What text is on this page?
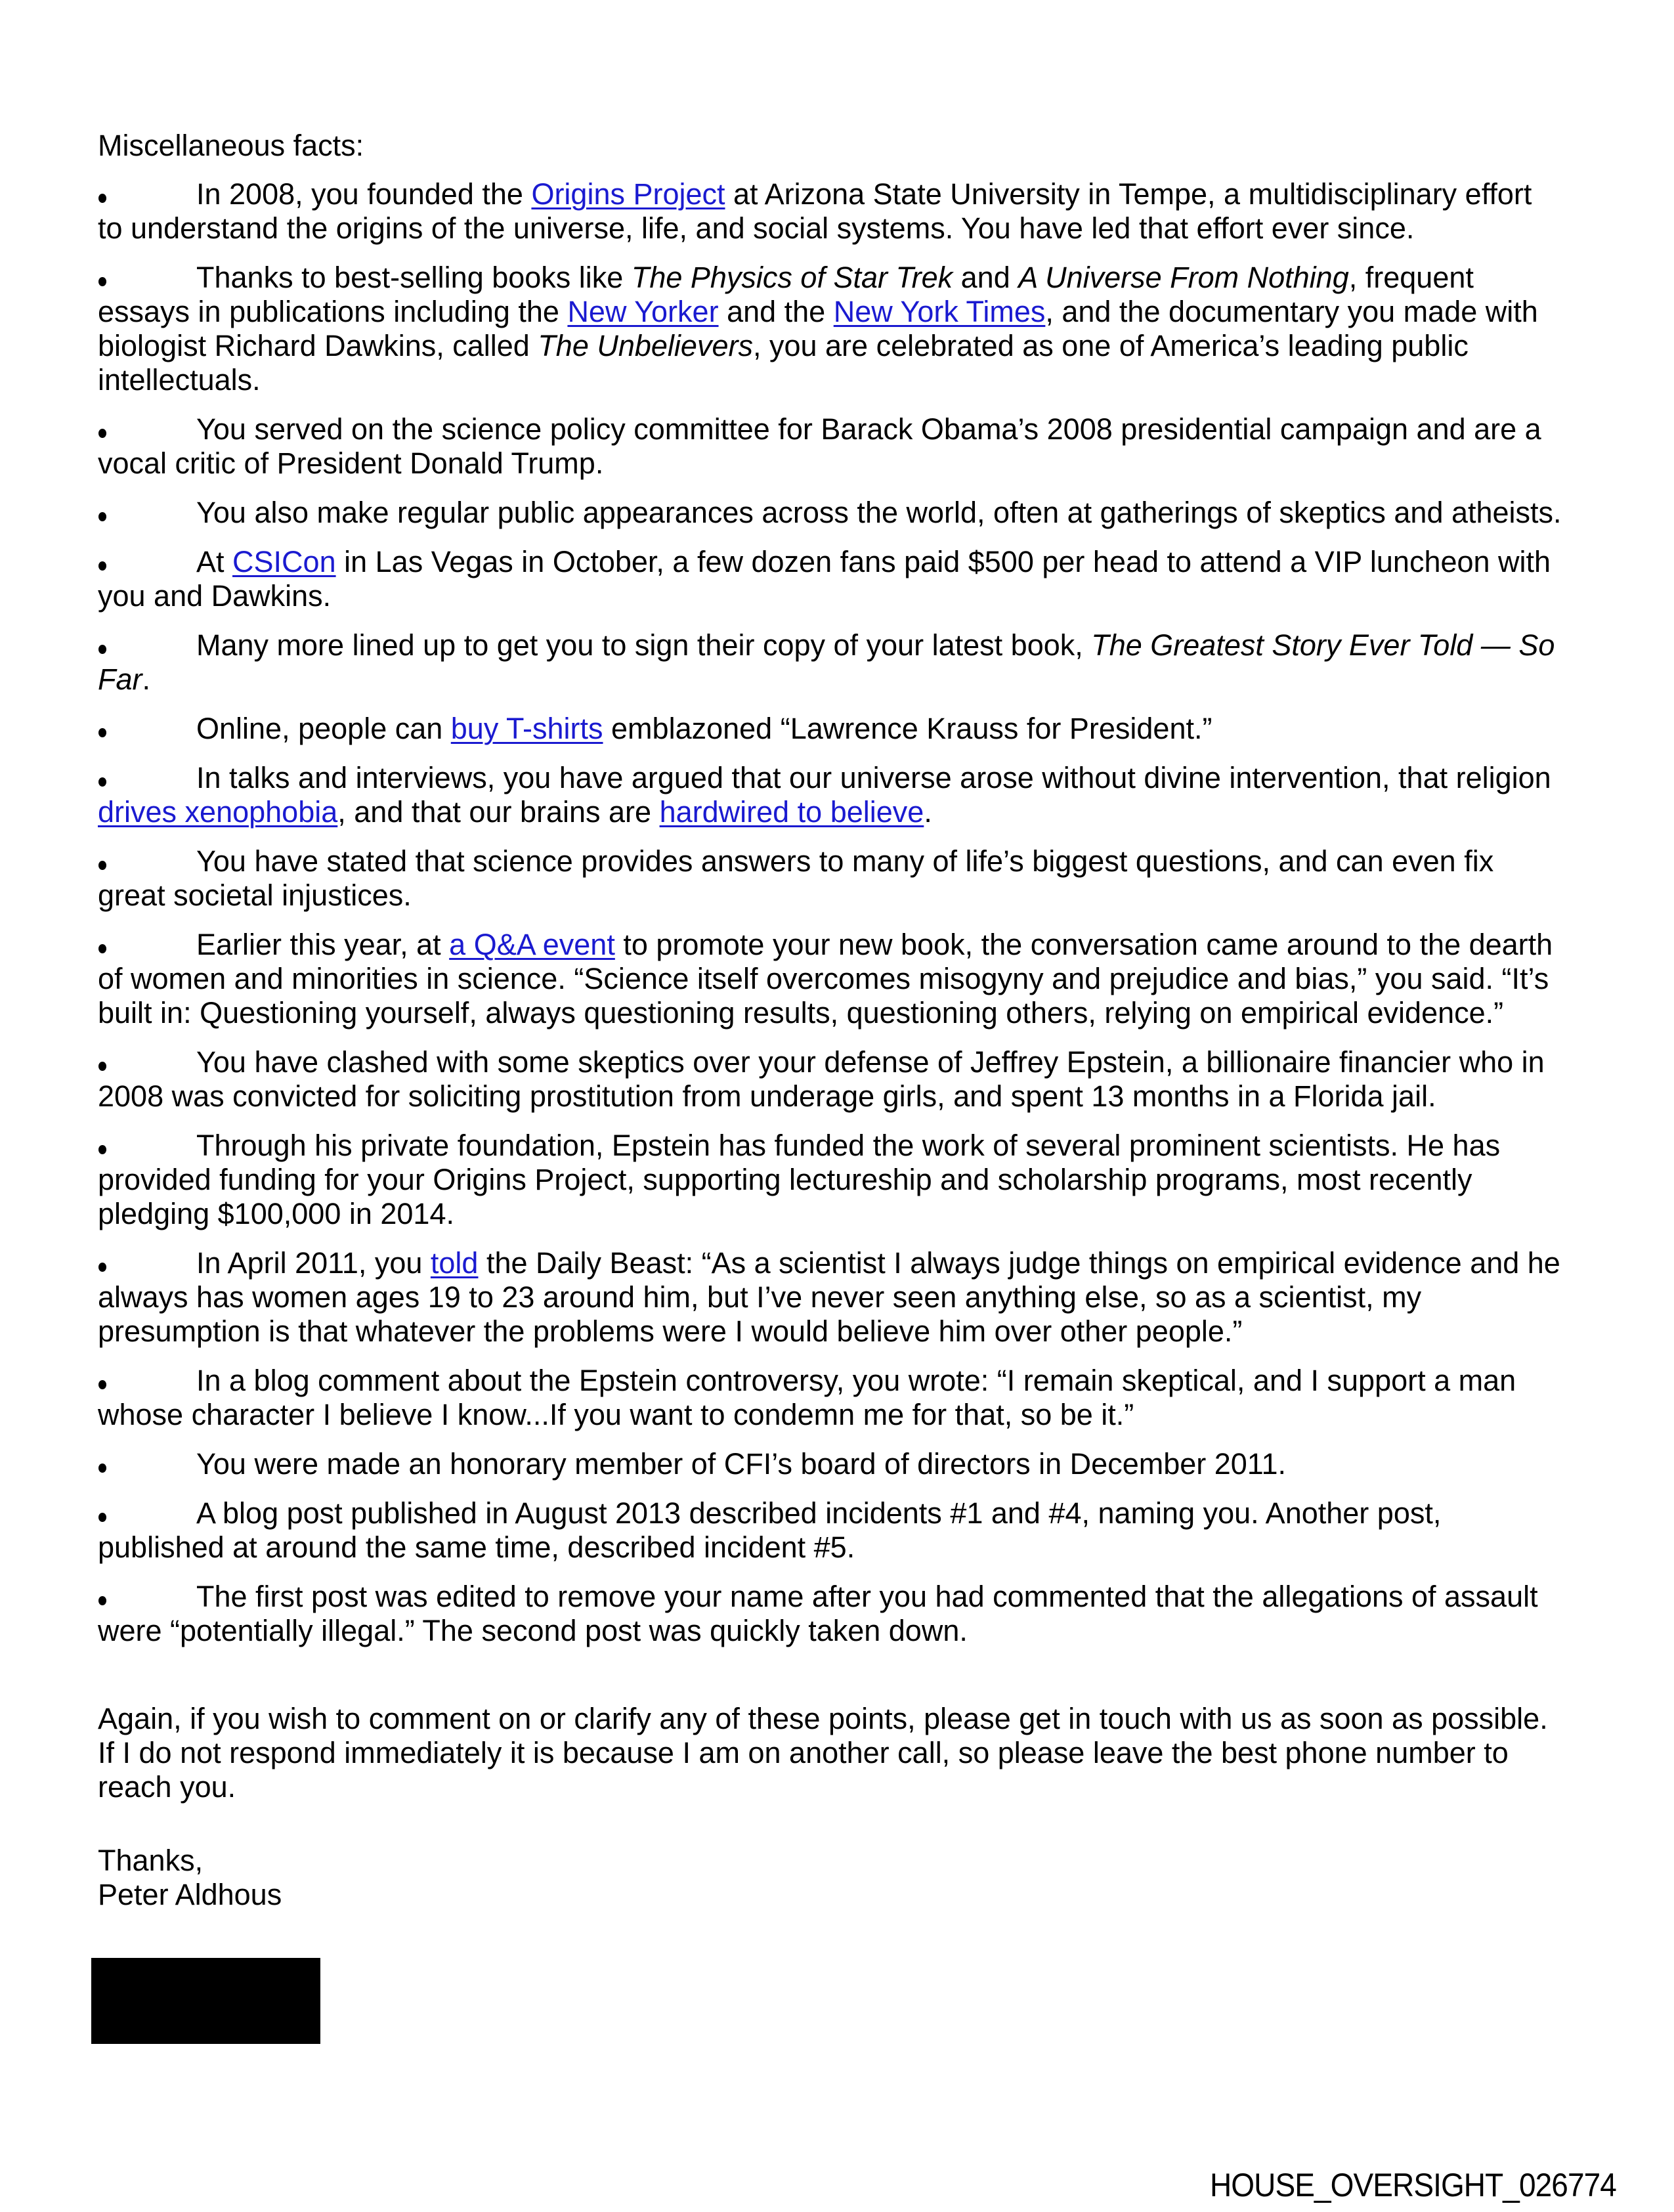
Miscellaneous facts:

In 2008, you founded the Origins Project at Arizona State University in Tempe, a multidisciplinary effort to understand the origins of the universe, life, and social systems. You have led that effort ever since.

Thanks to best-selling books like The Physics of Star Trek and A Universe From Nothing, frequent essays in publications including the New Yorker and the New York Times, and the documentary you made with biologist Richard Dawkins, called The Unbelievers, you are celebrated as one of America’s leading public intellectuals.

You served on the science policy committee for Barack Obama’s 2008 presidential campaign and are a vocal critic of President Donald Trump.

You also make regular public appearances across the world, often at gatherings of skeptics and atheists.

At CSICon in Las Vegas in October, a few dozen fans paid $500 per head to attend a VIP luncheon with you and Dawkins.

Many more lined up to get you to sign their copy of your latest book, The Greatest Story Ever Told — So Far.

Online, people can buy T-shirts emblazoned “Lawrence Krauss for President.”

In talks and interviews, you have argued that our universe arose without divine intervention, that religion drives xenophobia, and that our brains are hardwired to believe.

You have stated that science provides answers to many of life’s biggest questions, and can even fix great societal injustices.

Earlier this year, at a Q&A event to promote your new book, the conversation came around to the dearth of women and minorities in science. “Science itself overcomes misogyny and prejudice and bias,” you said. “It’s built in: Questioning yourself, always questioning results, questioning others, relying on empirical evidence.”

You have clashed with some skeptics over your defense of Jeffrey Epstein, a billionaire financier who in 2008 was convicted for soliciting prostitution from underage girls, and spent 13 months in a Florida jail.

Through his private foundation, Epstein has funded the work of several prominent scientists. He has provided funding for your Origins Project, supporting lectureship and scholarship programs, most recently pledging $100,000 in 2014.

In April 2011, you told the Daily Beast: “As a scientist I always judge things on empirical evidence and he always has women ages 19 to 23 around him, but I’ve never seen anything else, so as a scientist, my presumption is that whatever the problems were I would believe him over other people.”

In a blog comment about the Epstein controversy, you wrote: “I remain skeptical, and I support a man whose character I believe I know...If you want to condemn me for that, so be it.”

You were made an honorary member of CFI’s board of directors in December 2011.

A blog post published in August 2013 described incidents #1 and #4, naming you. Another post, published at around the same time, described incident #5.

The first post was edited to remove your name after you had commented that the allegations of assault were “potentially illegal.” The second post was quickly taken down.

Again, if you wish to comment on or clarify any of these points, please get in touch with us as soon as possible. If I do not respond immediately it is because I am on another call, so please leave the best phone number to reach you.

Thanks,
Peter Aldhous
HOUSE_OVERSIGHT_026774
